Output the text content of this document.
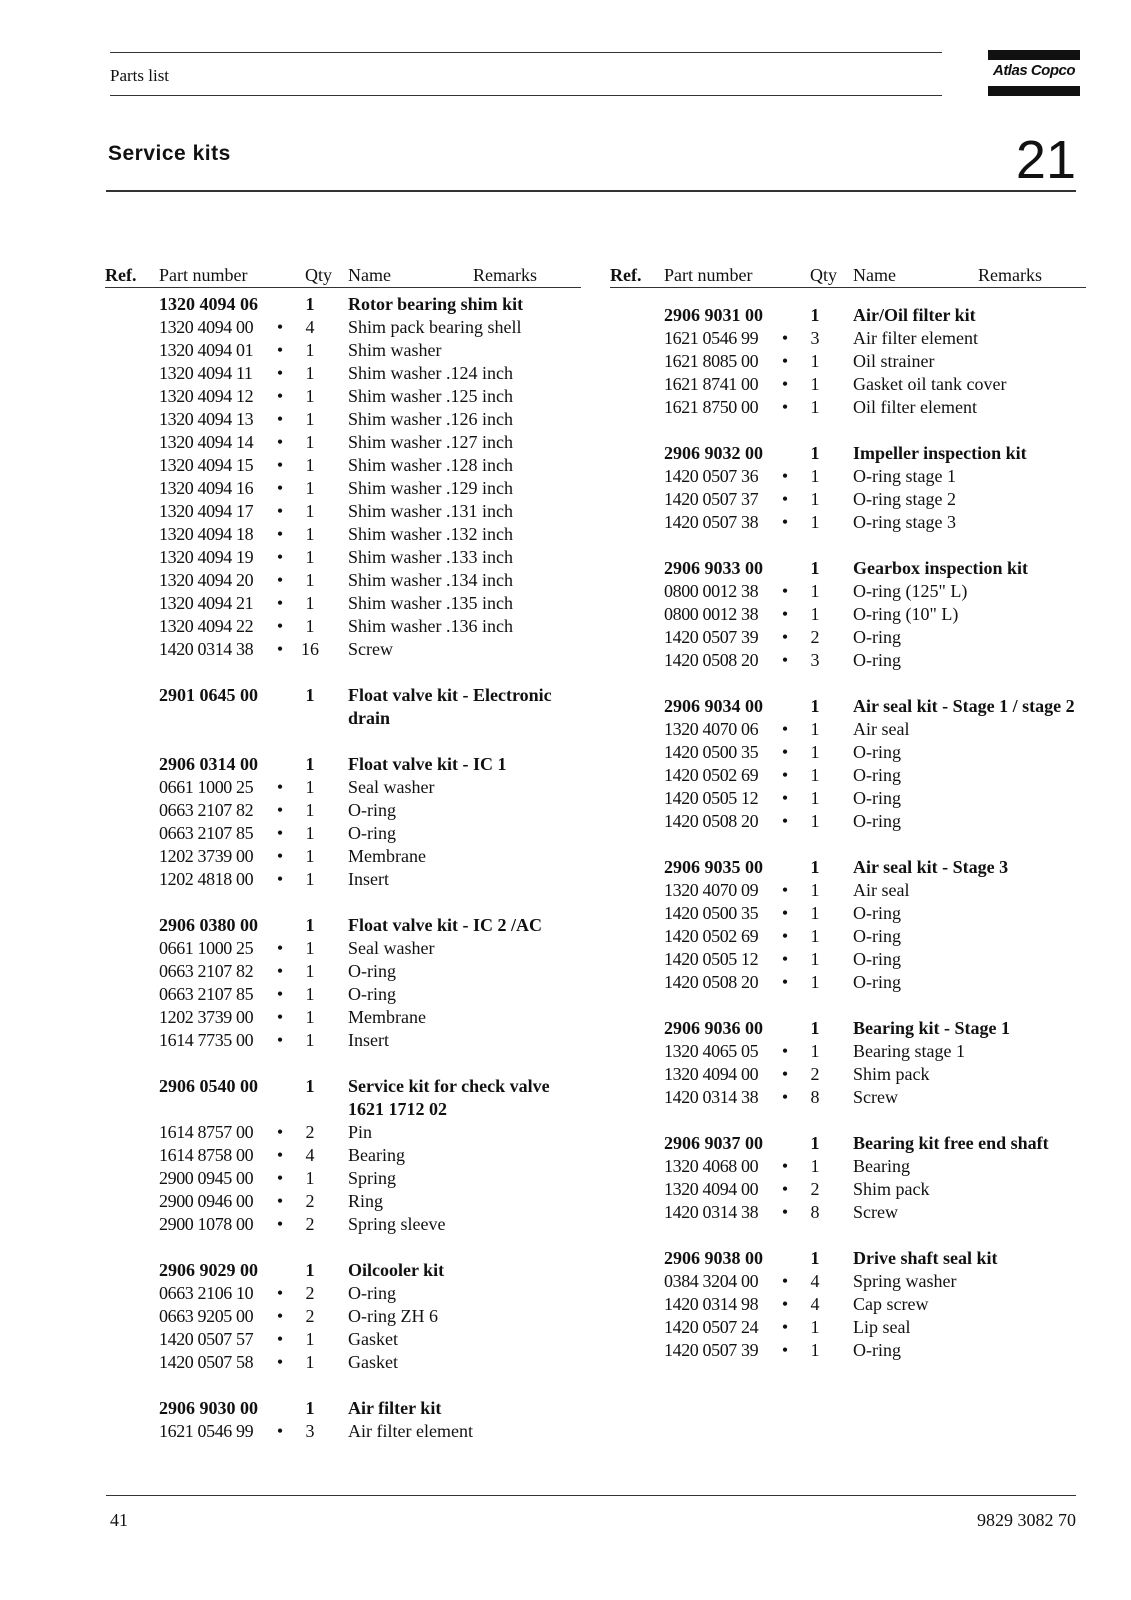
Parts list	Atlas Copco
Service kits	21
Ref. Part number	Qty Name	Remarks
1320 4094 06	1	Rotor bearing shim kit
1320 4094 00	•	4	Shim pack bearing shell
1320 4094 01	•	1	Shim washer
1320 4094 11	•	1	Shim washer .124 inch
1320 4094 12	•	1	Shim washer .125 inch
1320 4094 13	•	1	Shim washer .126 inch
1320 4094 14	•	1	Shim washer .127 inch
1320 4094 15	•	1	Shim washer .128 inch
1320 4094 16	•	1	Shim washer .129 inch
1320 4094 17	•	1	Shim washer .131 inch
1320 4094 18	•	1	Shim washer .132 inch
1320 4094 19	•	1	Shim washer .133 inch
1320 4094 20	•	1	Shim washer .134 inch
1320 4094 21	•	1	Shim washer .135 inch
1320 4094 22	•	1	Shim washer .136 inch
1420 0314 38	• 16 Screw
2901 0645 00	1	Float valve kit - Electronic drain
2906 0314 00	1	Float valve kit - IC 1
0661 1000 25	•	1	Seal washer
0663 2107 82	•	1	O-ring
0663 2107 85	•	1	O-ring
1202 3739 00	•	1	Membrane
1202 4818 00	•	1	Insert
2906 0380 00	1	Float valve kit - IC 2 /AC
0661 1000 25	•	1	Seal washer
0663 2107 82	•	1	O-ring
0663 2107 85	•	1	O-ring
1202 3739 00	•	1	Membrane
1614 7735 00	•	1	Insert
2906 0540 00	1	Service kit for check valve 1621 1712 02
1614 8757 00	•	2	Pin
1614 8758 00	•	4	Bearing
2900 0945 00	•	1	Spring
2900 0946 00	•	2	Ring
2900 1078 00	•	2	Spring sleeve
2906 9029 00	1	Oilcooler kit
0663 2106 10	•	2	O-ring
0663 9205 00	•	2	O-ring ZH 6
1420 0507 57	•	1	Gasket
1420 0507 58	•	1	Gasket
2906 9030 00	1	Air filter kit
1621 0546 99	•	3	Air filter element
Ref. Part number	Qty Name	Remarks
2906 9031 00	1	Air/Oil filter kit
1621 0546 99	•	3	Air filter element
1621 8085 00	•	1	Oil strainer
1621 8741 00	•	1	Gasket oil tank cover
1621 8750 00	•	1	Oil filter element
2906 9032 00	1	Impeller inspection kit
1420 0507 36	•	1	O-ring stage 1
1420 0507 37	•	1	O-ring stage 2
1420 0507 38	•	1	O-ring stage 3
2906 9033 00	1	Gearbox inspection kit
0800 0012 38	•	1	O-ring (125" L)
0800 0012 38	•	1	O-ring (10" L)
1420 0507 39	•	2	O-ring
1420 0508 20	•	3	O-ring
2906 9034 00	1	Air seal kit - Stage 1 / stage 2
1320 4070 06	•	1	Air seal
1420 0500 35	•	1	O-ring
1420 0502 69	•	1	O-ring
1420 0505 12	•	1	O-ring
1420 0508 20	•	1	O-ring
2906 9035 00	1	Air seal kit - Stage 3
1320 4070 09	•	1	Air seal
1420 0500 35	•	1	O-ring
1420 0502 69	•	1	O-ring
1420 0505 12	•	1	O-ring
1420 0508 20	•	1	O-ring
2906 9036 00	1	Bearing kit - Stage 1
1320 4065 05	•	1	Bearing stage 1
1320 4094 00	•	2	Shim pack
1420 0314 38	•	8	Screw
2906 9037 00	1	Bearing kit free end shaft
1320 4068 00	•	1	Bearing
1320 4094 00	•	2	Shim pack
1420 0314 38	•	8	Screw
2906 9038 00	1	Drive shaft seal kit
0384 3204 00	•	4	Spring washer
1420 0314 98	•	4	Cap screw
1420 0507 24	•	1	Lip seal
1420 0507 39	•	1	O-ring
41	9829 3082 70
